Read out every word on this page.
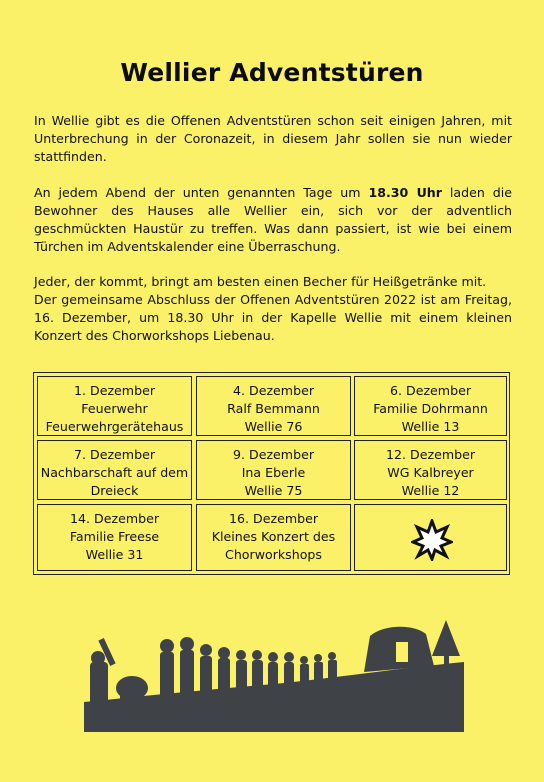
Wellier Adventstüren
In Wellie gibt es die Offenen Adventstüren schon seit einigen Jahren, mit Unterbrechung in der Coronazeit, in diesem Jahr sollen sie nun wieder stattfinden.
An jedem Abend der unten genannten Tage um 18.30 Uhr laden die Bewohner des Hauses alle Wellier ein, sich vor der adventlich geschmückten Haustür zu treffen. Was dann passiert, ist wie bei einem Türchen im Adventskalender eine Überraschung.
Jeder, der kommt, bringt am besten einen Becher für Heißgetränke mit.
Der gemeinsame Abschluss der Offenen Adventstüren 2022 ist am Freitag, 16. Dezember, um 18.30 Uhr in der Kapelle Wellie mit einem kleinen Konzert des Chorworkshops Liebenau.
1. Dezember
Feuerwehr
Feuerwehrgerätehaus
4. Dezember
Ralf Bemmann
Wellie 76
6. Dezember
Familie Dohrmann
Wellie 13
7. Dezember
Nachbarschaft auf dem
Dreieck
9. Dezember
Ina Eberle
Wellie 75
12. Dezember
WG Kalbreyer
Wellie 12
14. Dezember
Familie Freese
Wellie 31
16. Dezember
Kleines Konzert des
Chorworkshops
